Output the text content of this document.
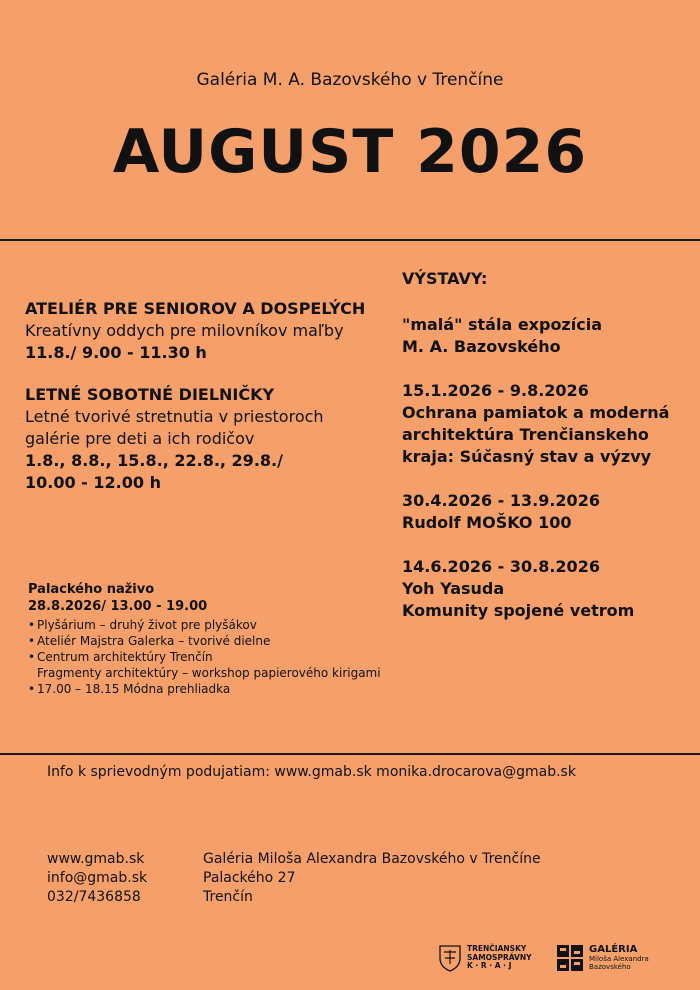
Galéria M. A. Bazovského v Trenčíne
AUGUST 2026
ATELIÉR PRE SENIOROV A DOSPELÝCH
Kreatívny oddych pre milovníkov maľby
11.8./ 9.00 - 11.30 h
LETNÉ SOBOTNÉ DIELNIČKY
Letné tvorivé stretnutia v priestoroch
galérie pre deti a ich rodičov
1.8., 8.8., 15.8., 22.8., 29.8./
10.00 - 12.00 h
Palackého naživo
28.8.2026/ 13.00 - 19.00
• Plyšárium – druhý život pre plyšákov
• Ateliér Majstra Galerka – tvorivé dielne
• Centrum architektúry Trenčín
Fragmenty architektúry – workshop papierového kirigami
• 17.00 – 18.15 Módna prehliadka
VÝSTAVY:
"malá" stála expozícia
M. A. Bazovského
15.1.2026 - 9.8.2026
Ochrana pamiatok a moderná
architektúra Trenčianskeho
kraja: Súčasný stav a výzvy
30.4.2026 - 13.9.2026
Rudolf MOŠKO 100
14.6.2026 - 30.8.2026
Yoh Yasuda
Komunity spojené vetrom
Info k sprievodným podujatiam: www.gmab.sk monika.drocarova@gmab.sk
www.gmab.sk
info@gmab.sk
032/7436858
Galéria Miloša Alexandra Bazovského v Trenčíne
Palackého 27
Trenčín
TRENČIANSKY
SAMOSPRÁVNY
K · R · A · J
GALÉRIA
Miloša Alexandra
Bazovského
